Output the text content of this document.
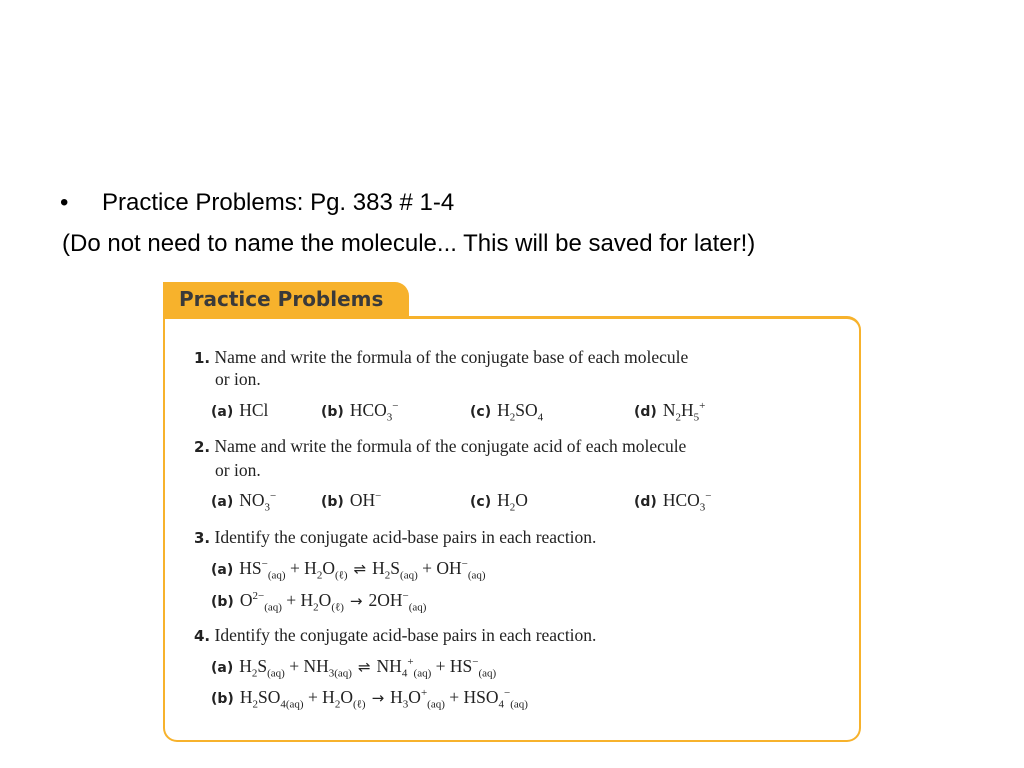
• Practice Problems: Pg. 383 # 1-4
(Do not need to name the molecule... This will be saved for later!)
Practice Problems
1. Name and write the formula of the conjugate base of each molecule
or ion.
(a) HCl	(b) $HCO_3^-$	(c) $H_2SO_4$	(d) $N_2H_5^+$
2. Name and write the formula of the conjugate acid of each molecule
or ion.
(a) $NO_3^-$	(b) OH−	(c) $H_2O$	(d) $HCO_3^-$
3. Identify the conjugate acid-base pairs in each reaction.
(a) $HS^-_{(aq)} + H_2O_{(\ell)}$ ⇌ $H_2S_{(aq)} + OH^-_{(aq)}$
(b) $O^{2-}_{(aq)} + H_2O_{(\ell)} \to 2OH^-_{(aq)}$
4. Identify the conjugate acid-base pairs in each reaction.
(a) $H_2S_{(aq)} + NH_{3(aq)}$ ⇌ $NH_4^+_{(aq)} + HS^-_{(aq)}$
(b) $H_2SO_{4(aq)} + H_2O_{(\ell)} \to H_3O^+_{(aq)} + HSO_4^-_{(aq)}$
